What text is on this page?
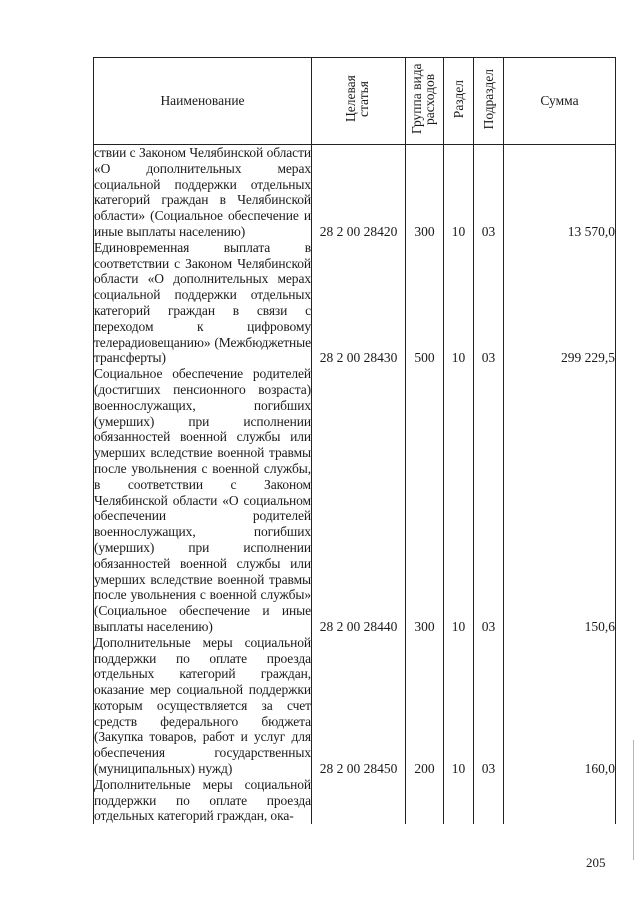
Наименование	Целевая статья	Группа вида расходов	Раздел	Подраздел	Сумма
ствии с Законом Челябинской области «О дополнительных мерах социальной поддержки отдельных категорий граждан в Челябинской области» (Социальное обеспечение и иные выплаты населению)	28 2 00 28420	300	10	03	13 570,0
Единовременная выплата в соответствии с Законом Челябинской области «О дополнительных мерах социальной поддержки отдельных категорий граждан в связи с переходом к цифровому телерадиовещанию» (Межбюджетные трансферты)	28 2 00 28430	500	10	03	299 229,5
Социальное обеспечение родителей (достигших пенсионного возраста) военнослужащих, погибших (умерших) при исполнении обязанностей военной службы или умерших вследствие военной травмы после увольнения с военной службы, в соответствии с Законом Челябинской области «О социальном обеспечении родителей военнослужащих, погибших (умерших) при исполнении обязанностей военной службы или умерших вследствие военной травмы после увольнения с военной службы» (Социальное обеспечение и иные выплаты населению)	28 2 00 28440	300	10	03	150,6
Дополнительные меры социальной поддержки по оплате проезда отдельных категорий граждан, оказание мер социальной поддержки которым осуществляется за счет средств федерального бюджета (Закупка товаров, работ и услуг для обеспечения государственных (муниципальных) нужд)	28 2 00 28450	200	10	03	160,0
Дополнительные меры социальной поддержки по оплате проезда отдельных категорий граждан, ока-					
205
